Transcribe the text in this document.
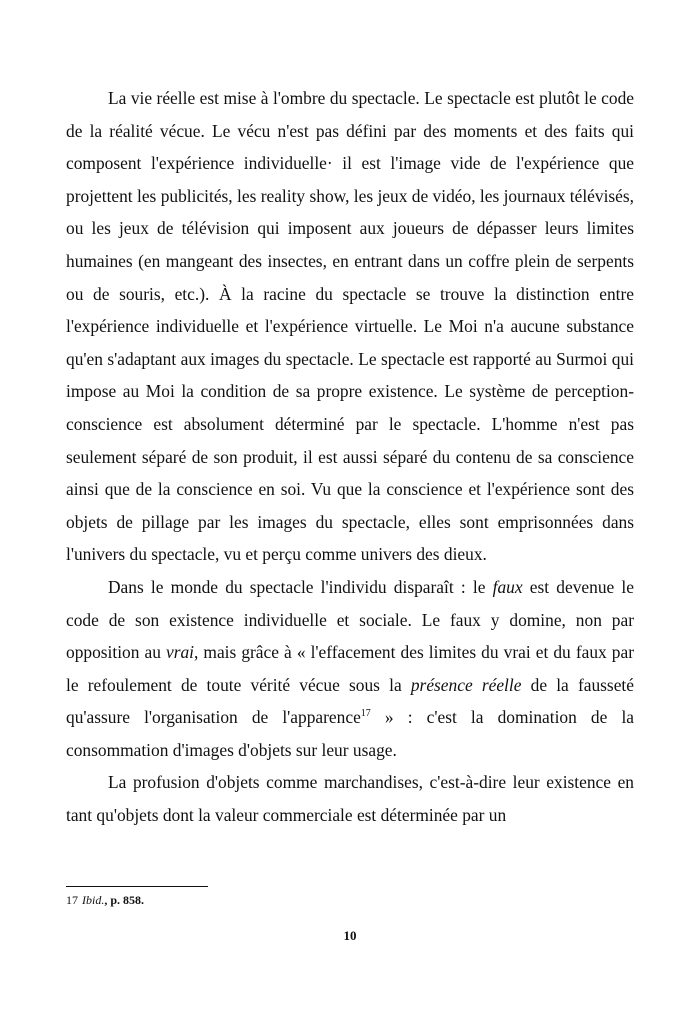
La vie réelle est mise à l'ombre du spectacle. Le spectacle est plutôt le code de la réalité vécue. Le vécu n'est pas défini par des moments et des faits qui composent l'expérience individuelle· il est l'image vide de l'expérience que projettent les publicités, les reality show, les jeux de vidéo, les journaux télévisés, ou les jeux de télévision qui imposent aux joueurs de dépasser leurs limites humaines (en mangeant des insectes, en entrant dans un coffre plein de serpents ou de souris, etc.). À la racine du spectacle se trouve la distinction entre l'expérience individuelle et l'expérience virtuelle. Le Moi n'a aucune substance qu'en s'adaptant aux images du spectacle. Le spectacle est rapporté au Surmoi qui impose au Moi la condition de sa propre existence. Le système de perception-conscience est absolument déterminé par le spectacle. L'homme n'est pas seulement séparé de son produit, il est aussi séparé du contenu de sa conscience ainsi que de la conscience en soi. Vu que la conscience et l'expérience sont des objets de pillage par les images du spectacle, elles sont emprisonnées dans l'univers du spectacle, vu et perçu comme univers des dieux.

Dans le monde du spectacle l'individu disparaît : le faux est devenue le code de son existence individuelle et sociale. Le faux y domine, non par opposition au vrai, mais grâce à « l'effacement des limites du vrai et du faux par le refoulement de toute vérité vécue sous la présence réelle de la fausseté qu'assure l'organisation de l'apparence$^{17}$ » : c'est la domination de la consommation d'images d'objets sur leur usage.

La profusion d'objets comme marchandises, c'est-à-dire leur existence en tant qu'objets dont la valeur commerciale est déterminée par un

17 Ibid., p. 858.
10
